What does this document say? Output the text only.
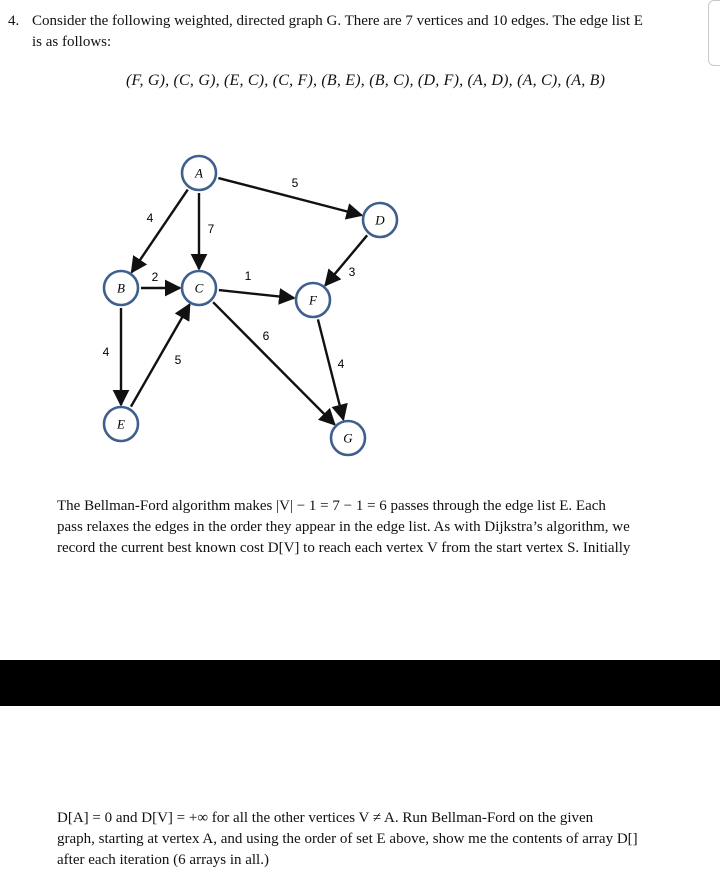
4. Consider the following weighted, directed graph G. There are 7 vertices and 10 edges. The edge list E
is as follows:
(F, G), (C, G), (E, C), (C, F), (B, E), (B, C), (D, F), (A, D), (A, C), (A, B)
5
4
7
2	1	3
4
5
6
4
A
B	C
D
E
F
G
The Bellman-Ford algorithm makes |V| − 1 = 7 − 1 = 6 passes through the edge list E. Each
pass relaxes the edges in the order they appear in the edge list. As with Dijkstra’s algorithm, we
record the current best known cost D[V] to reach each vertex V from the start vertex S. Initially
D[A] = 0 and D[V] = +∞ for all the other vertices V ≠ A. Run Bellman-Ford on the given
graph, starting at vertex A, and using the order of set E above, show me the contents of array D[]
after each iteration (6 arrays in all.)
